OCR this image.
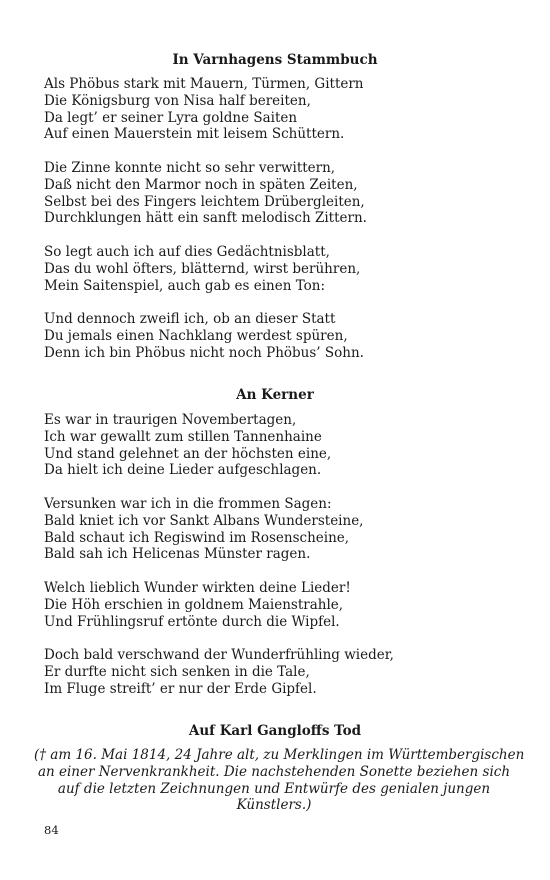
In Varnhagens Stammbuch
Als Phöbus stark mit Mauern, Türmen, Gittern
Die Königsburg von Nisa half bereiten,
Da legt’ er seiner Lyra goldne Saiten
Auf einen Mauerstein mit leisem Schüttern.
Die Zinne konnte nicht so sehr verwittern,
Daß nicht den Marmor noch in späten Zeiten,
Selbst bei des Fingers leichtem Drübergleiten,
Durchklungen hätt ein sanft melodisch Zittern.
So legt auch ich auf dies Gedächtnisblatt,
Das du wohl öfters, blätternd, wirst berühren,
Mein Saitenspiel, auch gab es einen Ton:
Und dennoch zweifl ich, ob an dieser Statt
Du jemals einen Nachklang werdest spüren,
Denn ich bin Phöbus nicht noch Phöbus’ Sohn.
An Kerner
Es war in traurigen Novembertagen,
Ich war gewallt zum stillen Tannenhaine
Und stand gelehnet an der höchsten eine,
Da hielt ich deine Lieder aufgeschlagen.
Versunken war ich in die frommen Sagen:
Bald kniet ich vor Sankt Albans Wundersteine,
Bald schaut ich Regiswind im Rosenscheine,
Bald sah ich Helicenas Münster ragen.
Welch lieblich Wunder wirkten deine Lieder!
Die Höh erschien in goldnem Maienstrahle,
Und Frühlingsruf ertönte durch die Wipfel.
Doch bald verschwand der Wunderfrühling wieder,
Er durfte nicht sich senken in die Tale,
Im Fluge streift’ er nur der Erde Gipfel.
Auf Karl Gangloffs Tod
(† am 16. Mai 1814, 24 Jahre alt, zu Merklingen im Württembergischen
an einer Nervenkrankheit. Die nachstehenden Sonette beziehen sich
auf die letzten Zeichnungen und Entwürfe des genialen jungen
Künstlers.)
84
